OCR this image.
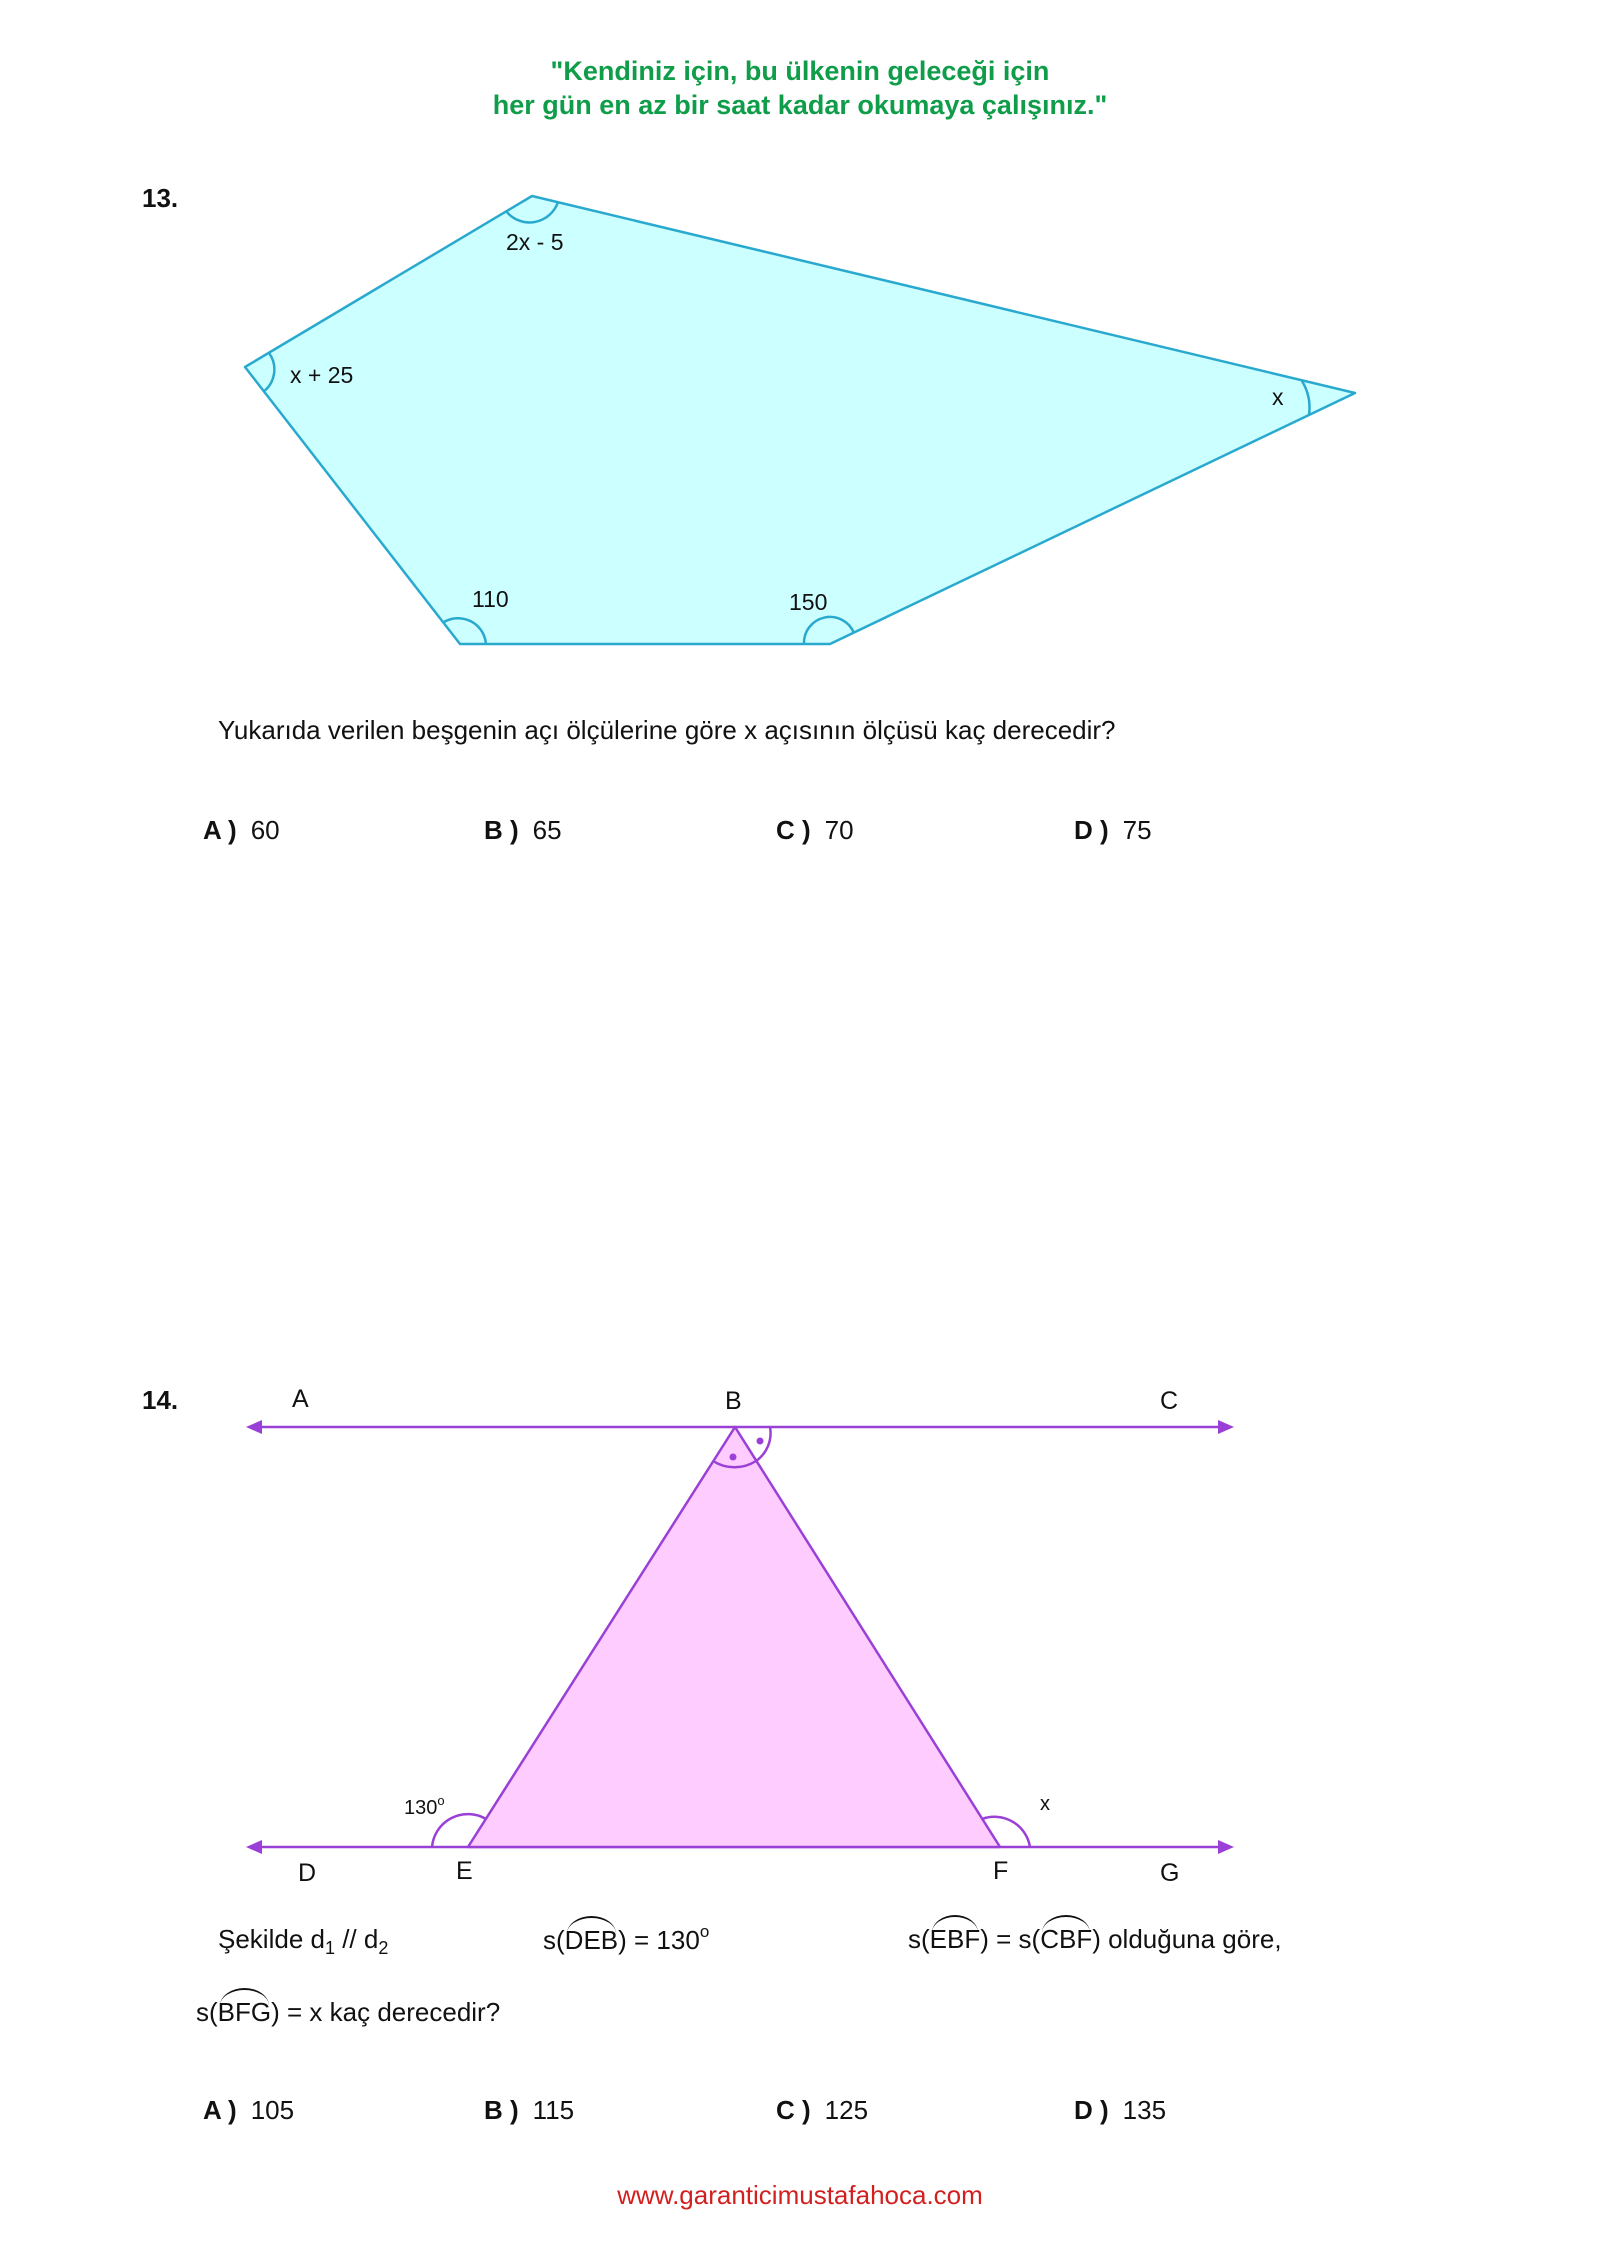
"Kendiniz için, bu ülkenin geleceği için
her gün en az bir saat kadar okumaya çalışınız."
13.
2x - 5
x + 25
x
110	150
Yukarıda verilen beşgenin açı ölçülerine göre x açısının ölçüsü kaç derecedir?
A ) 60	B ) 65	C ) 70	D ) 75
14.	A	B	C
D	E	F	G
130$^o$	x
Şekilde $d_1 // d_2$	$s(DEB) = 130^o$	s(EBF) = s(CBF) olduğuna göre,
s(BFG) = x kaç derecedir?
A ) 105	B ) 115	C ) 125	D ) 135
www.garanticimustafahoca.com
